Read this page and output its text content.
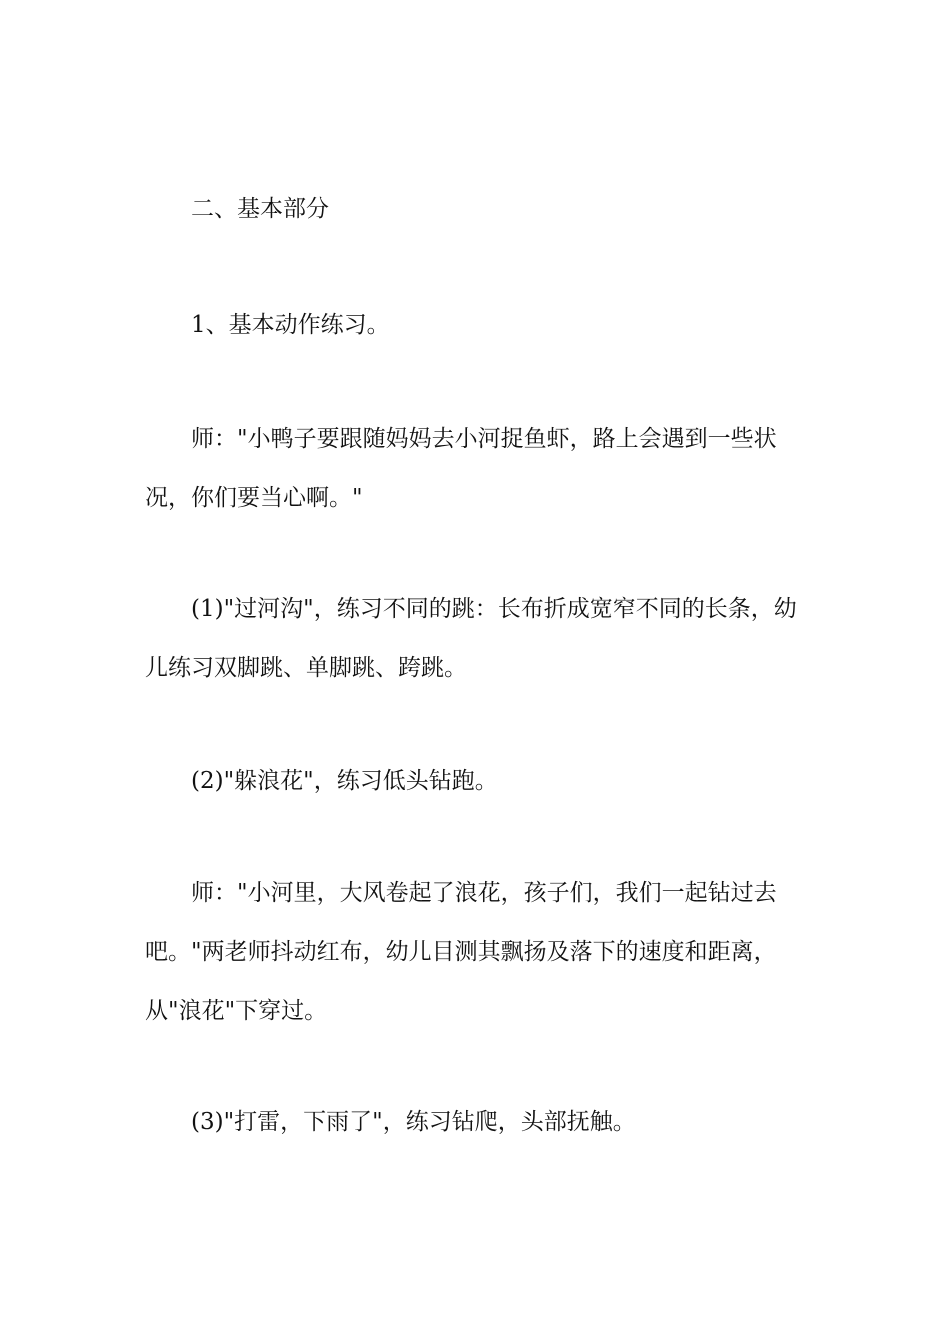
二、基本部分

1、基本动作练习。

师："小鸭子要跟随妈妈去小河捉鱼虾，路上会遇到一些状况，你们要当心啊。"

(1)"过河沟"，练习不同的跳：长布折成宽窄不同的长条，幼儿练习双脚跳、单脚跳、跨跳。

(2)"躲浪花"，练习低头钻跑。

师："小河里，大风卷起了浪花，孩子们，我们一起钻过去吧。"两老师抖动红布，幼儿目测其飘扬及落下的速度和距离，从"浪花"下穿过。

(3)"打雷，下雨了"，练习钻爬，头部抚触。
